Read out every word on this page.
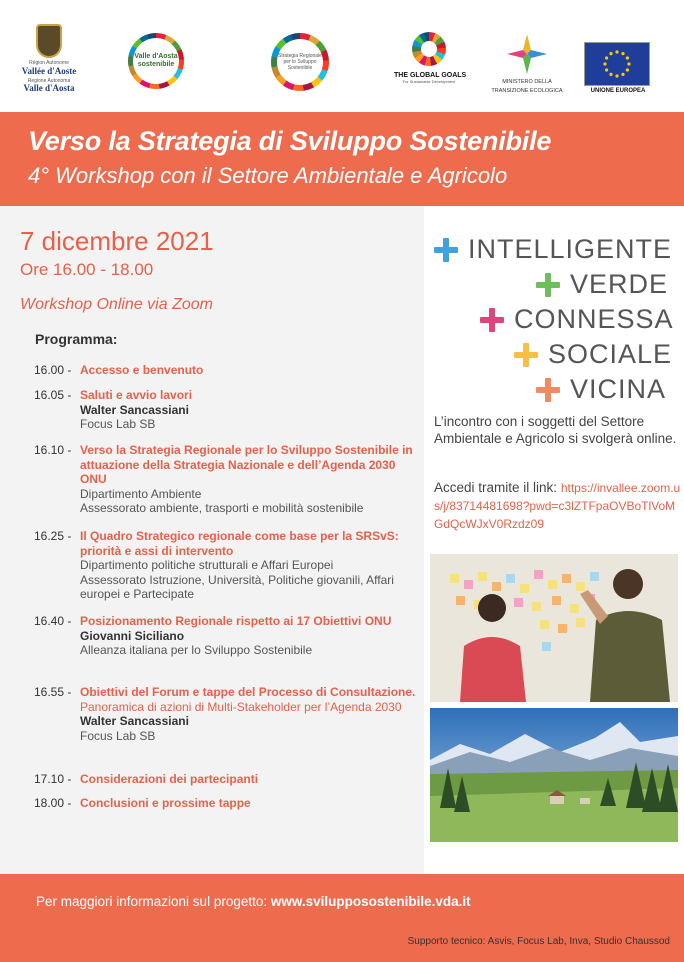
Région Autonome
Vallée d'Aoste
Regione Autonoma
Valle d'Aosta
Valle d'Aosta sostenibile
Strategia Regionale per lo Sviluppo Sostenibile
THE GLOBAL GOALS
For Sustainable Development	MINISTERO DELLA
TRANSIZIONE ECOLOGICA	UNIONE EUROPEA
Verso la Strategia di Sviluppo Sostenibile
4° Workshop con il Settore Ambientale e Agricolo
7 dicembre 2021
Ore 16.00 - 18.00
Workshop Online via Zoom
Programma:
16.00 - Accesso e benvenuto
16.05 - Saluti e avvio lavori
Walter Sancassiani
Focus Lab SB
16.10 - Verso la Strategia Regionale per lo Sviluppo Sostenibile in attuazione della Strategia Nazionale e dell’Agenda 2030 ONU
Dipartimento Ambiente
Assessorato ambiente, trasporti e mobilità sostenibile
16.25 - Il Quadro Strategico regionale come base per la SRSvS: priorità e assi di intervento
Dipartimento politiche strutturali e Affari Europei
Assessorato Istruzione, Università, Politiche giovanili, Affari europei e Partecipate
16.40 - Posizionamento Regionale rispetto ai 17 Obiettivi ONU
Giovanni Siciliano
Alleanza italiana per lo Sviluppo Sostenibile
16.55 - Obiettivi del Forum e tappe del Processo di Consultazione. Panoramica di azioni di Multi-Stakeholder per l’Agenda 2030
Walter Sancassiani
Focus Lab SB
17.10 - Considerazioni dei partecipanti
18.00 - Conclusioni e prossime tappe
INTELLIGENTE
VERDE
CONNESSA
SOCIALE
VICINA
L’incontro con i soggetti del Settore Ambientale e Agricolo si svolgerà online.
Accedi tramite il link: https://invallee.zoom.us/j/83714481698?pwd=c3lZTFpaOVBoTlVoMGdQcWJxV0Rzdz09
Per maggiori informazioni sul progetto: www.svilupposostenibile.vda.it
Supporto tecnico: Asvis, Focus Lab, Inva, Studio Chaussod
